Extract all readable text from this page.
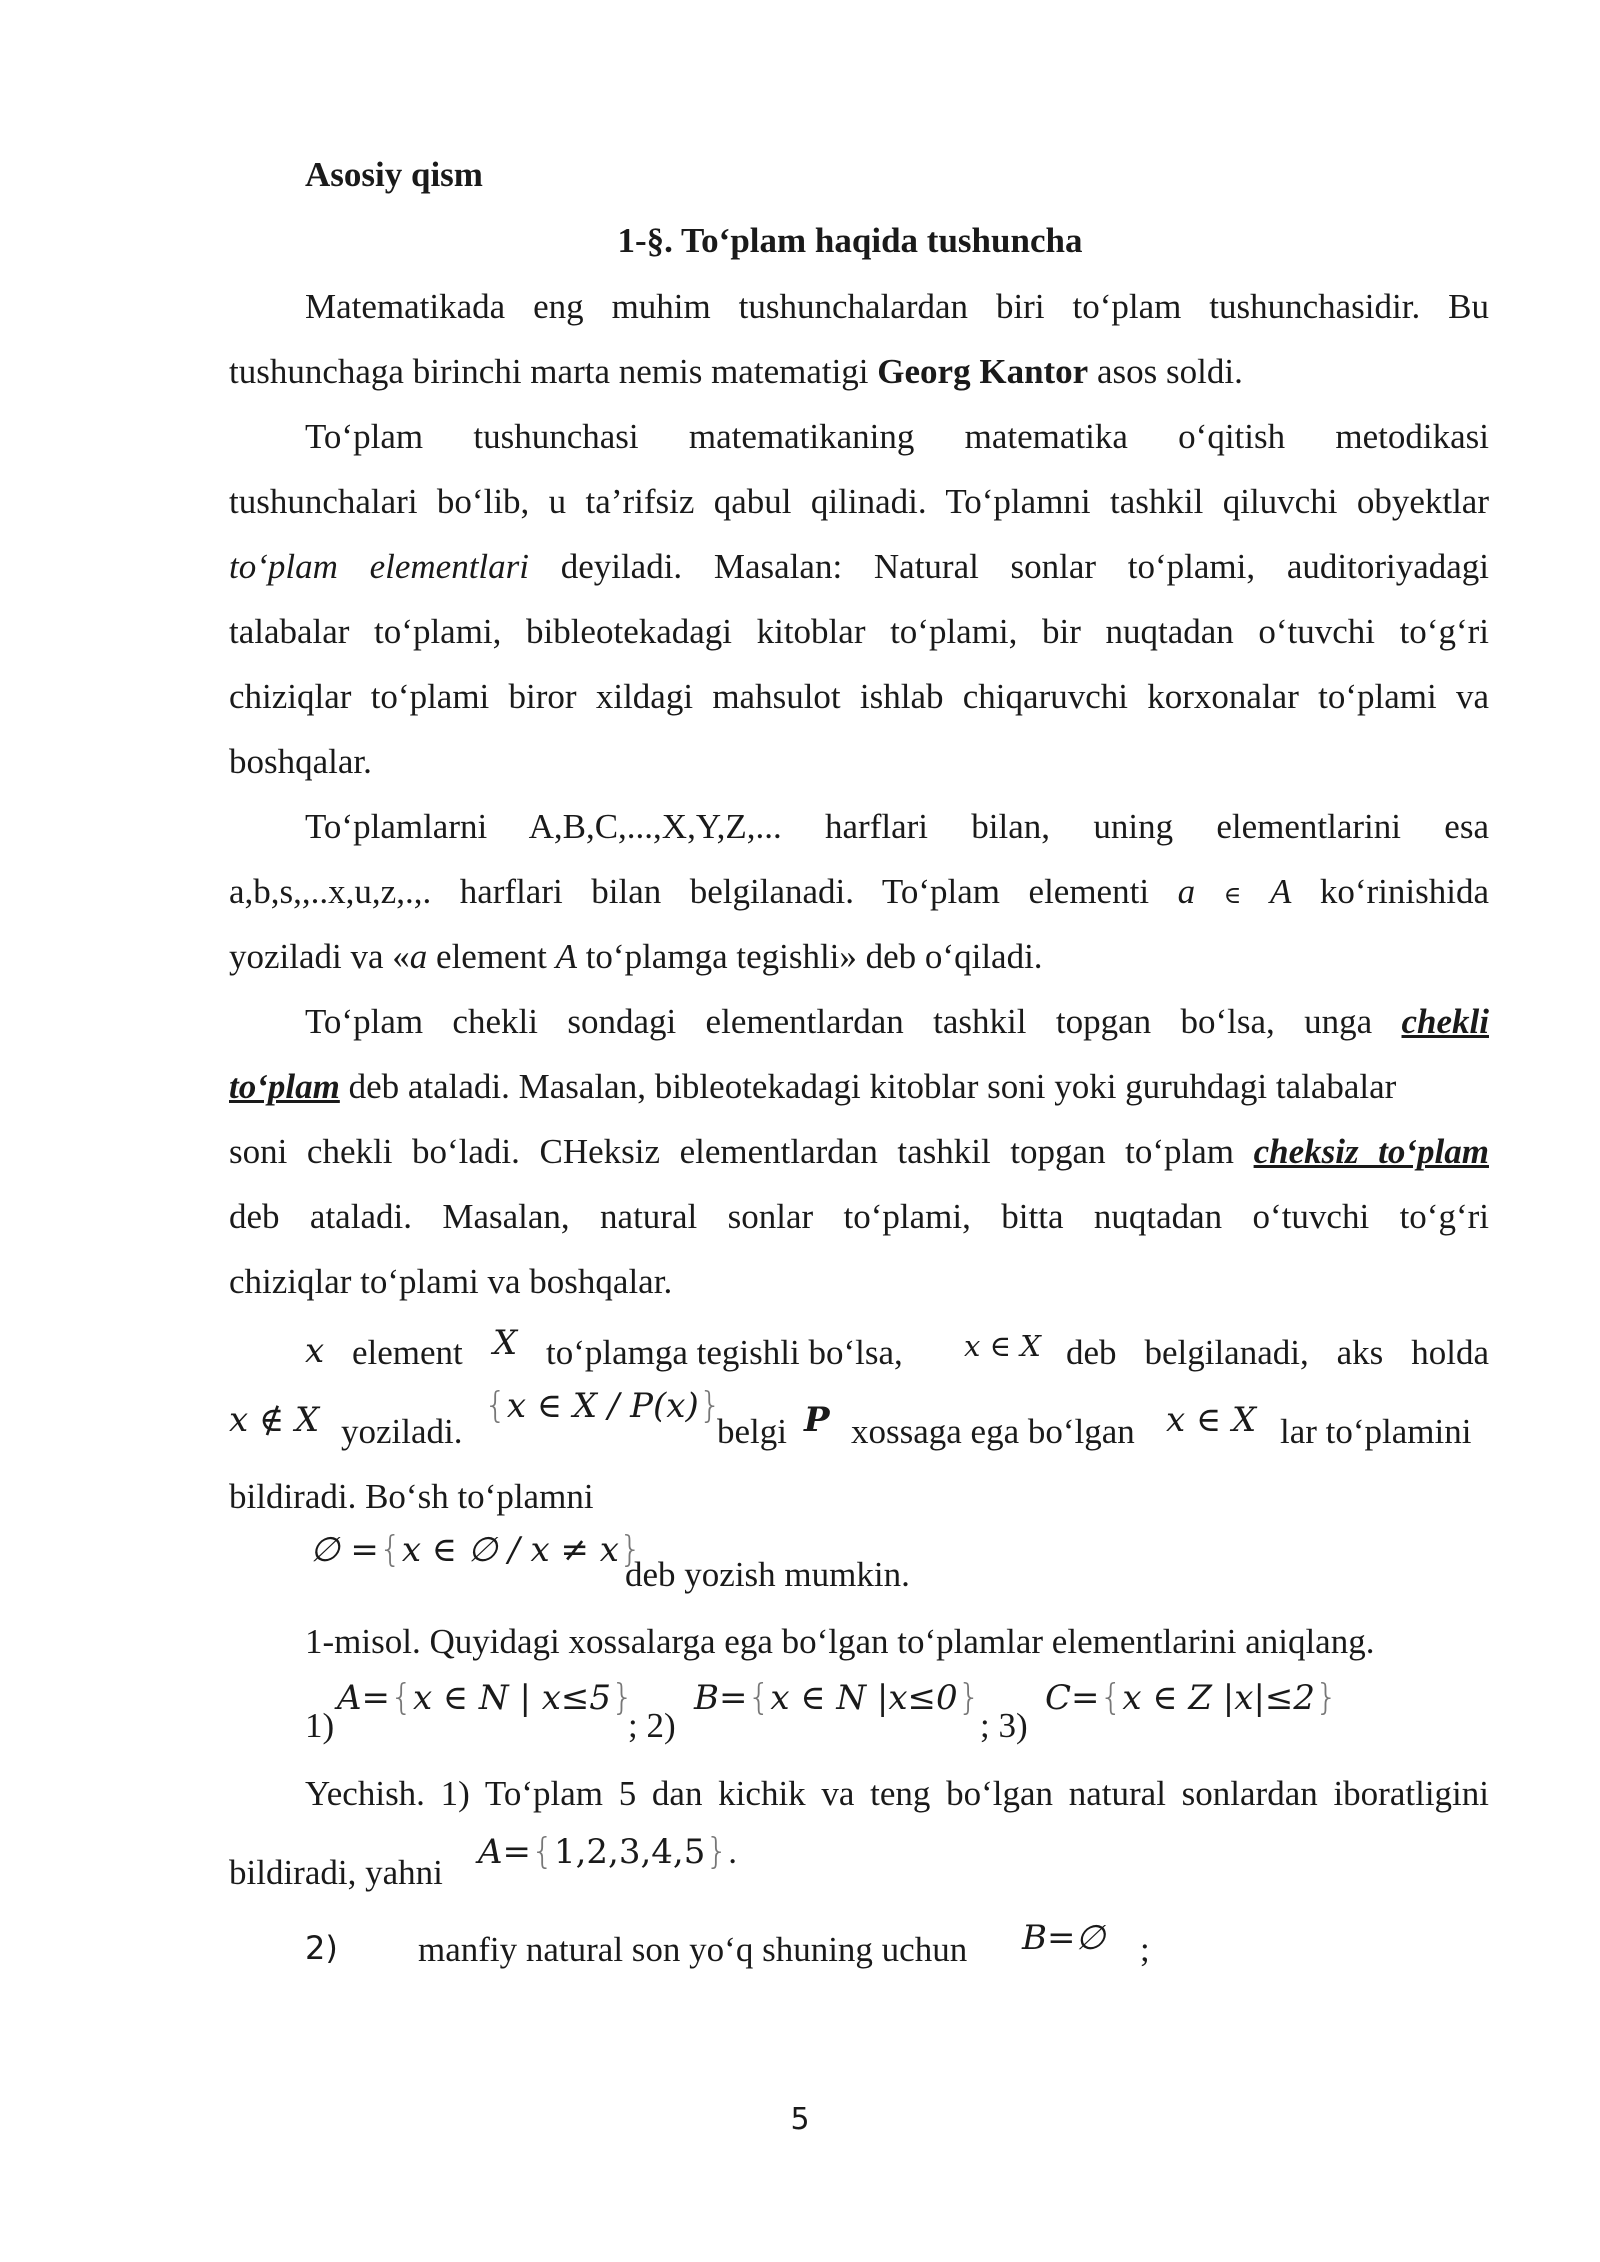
Asosiy qism
1-§. To‘plam haqida tushuncha
Matematikada eng muhim tushunchalardan biri to‘plam tushunchasidir. Bu
tushunchaga birinchi marta nemis matematigi Georg Kantor asos soldi.
To‘plam tushunchasi matematikaning matematika o‘qitish metodikasi
tushunchalari bo‘lib, u ta’rifsiz qabul qilinadi. To‘plamni tashkil qiluvchi obyektlar
to‘plam elementlari deyiladi. Masalan: Natural sonlar to‘plami, auditoriyadagi
talabalar to‘plami, bibleotekadagi kitoblar to‘plami, bir nuqtadan o‘tuvchi to‘g‘ri
chiziqlar to‘plami biror xildagi mahsulot ishlab chiqaruvchi korxonalar to‘plami va
boshqalar.
To‘plamlarni A,B,C,...,X,Y,Z,... harflari bilan, uning elementlarini esa
a,b,s,,..x,u,z,.,. harflari bilan belgilanadi. To‘plam elementi a ∈ A ko‘rinishida
yoziladi va «a element A to‘plamga tegishli» deb o‘qiladi.
To‘plam chekli sondagi elementlardan tashkil topgan bo‘lsa, unga chekli
to‘plam deb ataladi. Masalan, bibleotekadagi kitoblar soni yoki guruhdagi talabalar
soni chekli bo‘ladi. CHeksiz elementlardan tashkil topgan to‘plam cheksiz to‘plam
deb ataladi. Masalan, natural sonlar to‘plami, bitta nuqtadan o‘tuvchi to‘g‘ri
chiziqlar to‘plami va boshqalar.
x element X to‘plamga tegishli bo‘lsa, x ∈ X deb belgilanadi, aks holda
x ∉ X yoziladi.
{x ∈ X / P(x)}
belgi P xossaga ega bo‘lgan x ∈ X lar to‘plamini
bildiradi. Bo‘sh to‘plamni
∅ ={x ∈ ∅ / x ≠ x}
deb yozish mumkin.
1-misol. Quyidagi xossalarga ega bo‘lgan to‘plamlar elementlarini aniqlang.
1)
A={x ∈ N | x≤5}
; 2)
B={x ∈ N |x≤0}
; 3)
C={x ∈ Z |x|≤2}
Yechish. 1) To‘plam 5 dan kichik va teng bo‘lgan natural sonlardan iboratligini
bildiradi, yahni
A={1,2,3,4,5}.
2) manfiy natural son yo‘q shuning uchun B=∅ ;
5
